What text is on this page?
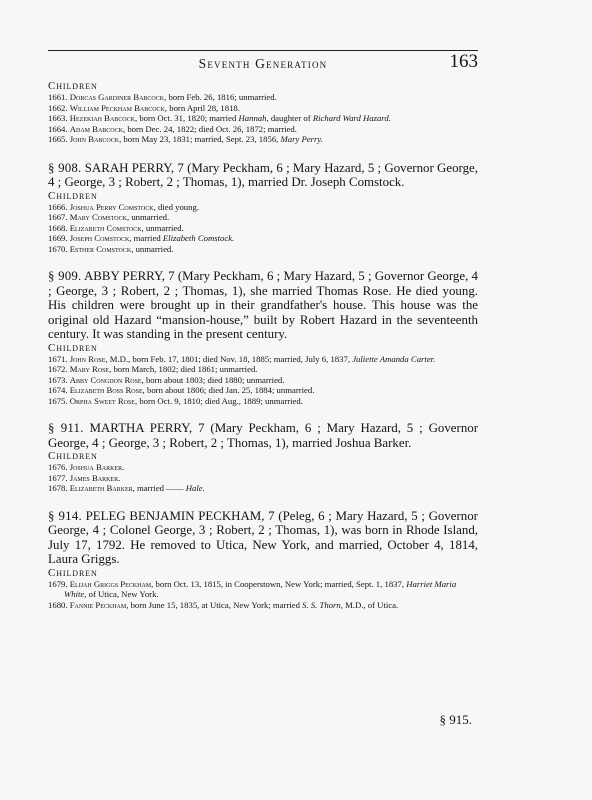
Seventh Generation	163

Children

1661. Dorcas Gardiner Babcock, born Feb. 26, 1816; unmarried.

1662. William Peckham Babcock, born April 28, 1818.

1663. Hezekiah Babcock, born Oct. 31, 1820; married Hannah, daughter of Richard Ward Hazard.

1664. Adam Babcock, born Dec. 24, 1822; died Oct. 26, 1872; married.

1665. John Babcock, born May 23, 1831; married, Sept. 23, 1856, Mary Perry.

§ 908. SARAH PERRY, 7 (Mary Peckham, 6 ; Mary Hazard, 5 ; Governor George, 4 ; George, 3 ; Robert, 2 ; Thomas, 1), married Dr. Joseph Comstock.

Children

1666. Joshua Perry Comstock, died young.

1667. Mary Comstock, unmarried.

1668. Elizabeth Comstock, unmarried.

1669. Joseph Comstock, married Elizabeth Comstock.

1670. Esther Comstock, unmarried.

§ 909. ABBY PERRY, 7 (Mary Peckham, 6 ; Mary Hazard, 5 ; Governor George, 4 ; George, 3 ; Robert, 2 ; Thomas, 1), she married Thomas Rose. He died young. His children were brought up in their grandfather's house. This house was the original old Hazard “mansion-house,” built by Robert Hazard in the seventeenth century. It was standing in the present century.

Children

1671. John Rose, M.D., born Feb. 17, 1801; died Nov. 18, 1885; married, July 6, 1837, Juliette Amanda Carter.

1672. Mary Rose, born March, 1802; died 1861; unmarried.

1673. Abby Congdon Rose, born about 1803; died 1880; unmarried.

1674. Elizabeth Boss Rose, born about 1806; died Jan. 25, 1884; unmarried.

1675. Orpha Sweet Rose, born Oct. 9, 1810; died Aug., 1889; unmarried.

§ 911. MARTHA PERRY, 7 (Mary Peckham, 6 ; Mary Hazard, 5 ; Governor George, 4 ; George, 3 ; Robert, 2 ; Thomas, 1), married Joshua Barker.

Children

1676. Joshua Barker.

1677. James Barker.

1678. Elizabeth Barker, married —— Hale.

§ 914. PELEG BENJAMIN PECKHAM, 7 (Peleg, 6 ; Mary Hazard, 5 ; Governor George, 4 ; Colonel George, 3 ; Robert, 2 ; Thomas, 1), was born in Rhode Island, July 17, 1792. He removed to Utica, New York, and married, October 4, 1814, Laura Griggs.

Children

1679. Elijah Griggs Peckham, born Oct. 13, 1815, in Cooperstown, New York; married, Sept. 1, 1837, Harriet Maria White, of Utica, New York.

1680. Fannie Peckham, born June 15, 1835, at Utica, New York; married S. S. Thorn, M.D., of Utica.

§ 915.
